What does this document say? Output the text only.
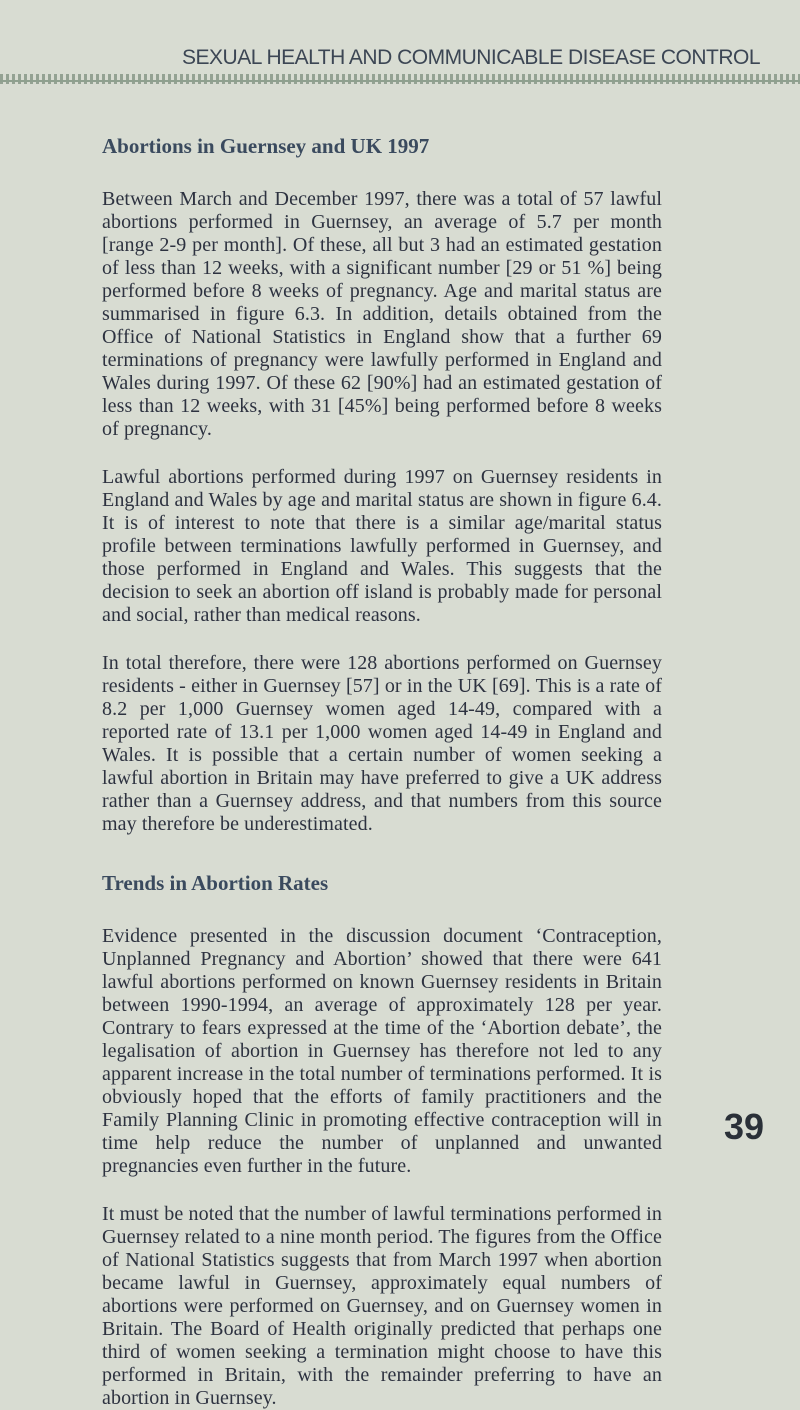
SEXUAL HEALTH AND COMMUNICABLE DISEASE CONTROL
Abortions in Guernsey and UK 1997

Between March and December 1997, there was a total of 57 lawful abortions performed in Guernsey, an average of 5.7 per month [range 2-9 per month]. Of these, all but 3 had an estimated gestation of less than 12 weeks, with a significant number [29 or 51 %] being performed before 8 weeks of pregnancy. Age and marital status are summarised in figure 6.3. In addition, details obtained from the Office of National Statistics in England show that a further 69 terminations of pregnancy were lawfully performed in England and Wales during 1997. Of these 62 [90%] had an estimated gestation of less than 12 weeks, with 31 [45%] being performed before 8 weeks of pregnancy.

Lawful abortions performed during 1997 on Guernsey residents in England and Wales by age and marital status are shown in figure 6.4. It is of interest to note that there is a similar age/marital status profile between terminations lawfully performed in Guernsey, and those performed in England and Wales. This suggests that the decision to seek an abortion off island is probably made for personal and social, rather than medical reasons.

In total therefore, there were 128 abortions performed on Guernsey residents - either in Guernsey [57] or in the UK [69]. This is a rate of 8.2 per 1,000 Guernsey women aged 14-49, compared with a reported rate of 13.1 per 1,000 women aged 14-49 in England and Wales. It is possible that a certain number of women seeking a lawful abortion in Britain may have preferred to give a UK address rather than a Guernsey address, and that numbers from this source may therefore be underestimated.

Trends in Abortion Rates

Evidence presented in the discussion document ‘Contraception, Unplanned Pregnancy and Abortion’ showed that there were 641 lawful abortions performed on known Guernsey residents in Britain between 1990-1994, an average of approximately 128 per year. Contrary to fears expressed at the time of the ‘Abortion debate’, the legalisation of abortion in Guernsey has therefore not led to any apparent increase in the total number of terminations performed. It is obviously hoped that the efforts of family practitioners and the Family Planning Clinic in promoting effective contraception will in time help reduce the number of unplanned and unwanted pregnancies even further in the future.

It must be noted that the number of lawful terminations performed in Guernsey related to a nine month period. The figures from the Office of National Statistics suggests that from March 1997 when abortion became lawful in Guernsey, approximately equal numbers of abortions were performed on Guernsey, and on Guernsey women in Britain. The Board of Health originally predicted that perhaps one third of women seeking a termination might choose to have this performed in Britain, with the remainder preferring to have an abortion in Guernsey.

39
